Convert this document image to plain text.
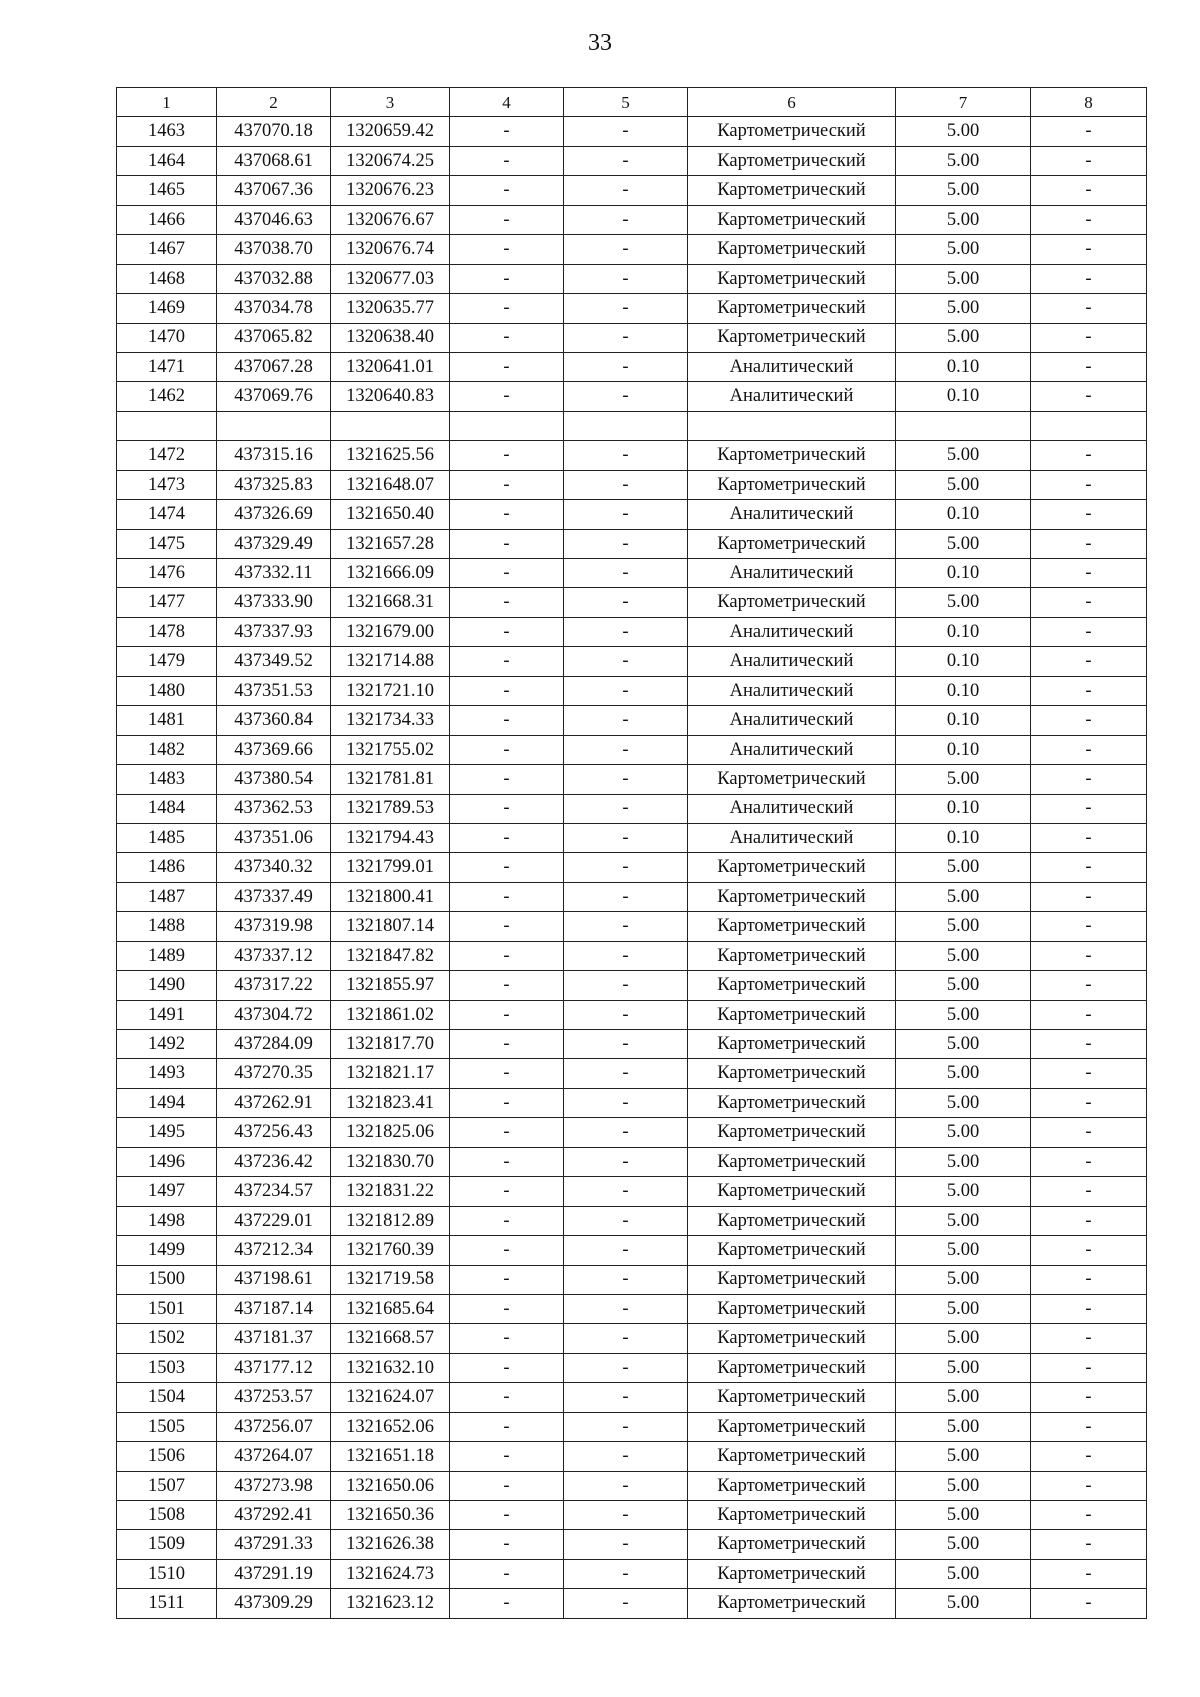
33
1	2	3	4	5	6	7	8
1463	437070.18	1320659.42	-	-	Картометрический	5.00	-
1464	437068.61	1320674.25	-	-	Картометрический	5.00	-
1465	437067.36	1320676.23	-	-	Картометрический	5.00	-
1466	437046.63	1320676.67	-	-	Картометрический	5.00	-
1467	437038.70	1320676.74	-	-	Картометрический	5.00	-
1468	437032.88	1320677.03	-	-	Картометрический	5.00	-
1469	437034.78	1320635.77	-	-	Картометрический	5.00	-
1470	437065.82	1320638.40	-	-	Картометрический	5.00	-
1471	437067.28	1320641.01	-	-	Аналитический	0.10	-
1462	437069.76	1320640.83	-	-	Аналитический	0.10	-

1472	437315.16	1321625.56	-	-	Картометрический	5.00	-
1473	437325.83	1321648.07	-	-	Картометрический	5.00	-
1474	437326.69	1321650.40	-	-	Аналитический	0.10	-
1475	437329.49	1321657.28	-	-	Картометрический	5.00	-
1476	437332.11	1321666.09	-	-	Аналитический	0.10	-
1477	437333.90	1321668.31	-	-	Картометрический	5.00	-
1478	437337.93	1321679.00	-	-	Аналитический	0.10	-
1479	437349.52	1321714.88	-	-	Аналитический	0.10	-
1480	437351.53	1321721.10	-	-	Аналитический	0.10	-
1481	437360.84	1321734.33	-	-	Аналитический	0.10	-
1482	437369.66	1321755.02	-	-	Аналитический	0.10	-
1483	437380.54	1321781.81	-	-	Картометрический	5.00	-
1484	437362.53	1321789.53	-	-	Аналитический	0.10	-
1485	437351.06	1321794.43	-	-	Аналитический	0.10	-
1486	437340.32	1321799.01	-	-	Картометрический	5.00	-
1487	437337.49	1321800.41	-	-	Картометрический	5.00	-
1488	437319.98	1321807.14	-	-	Картометрический	5.00	-
1489	437337.12	1321847.82	-	-	Картометрический	5.00	-
1490	437317.22	1321855.97	-	-	Картометрический	5.00	-
1491	437304.72	1321861.02	-	-	Картометрический	5.00	-
1492	437284.09	1321817.70	-	-	Картометрический	5.00	-
1493	437270.35	1321821.17	-	-	Картометрический	5.00	-
1494	437262.91	1321823.41	-	-	Картометрический	5.00	-
1495	437256.43	1321825.06	-	-	Картометрический	5.00	-
1496	437236.42	1321830.70	-	-	Картометрический	5.00	-
1497	437234.57	1321831.22	-	-	Картометрический	5.00	-
1498	437229.01	1321812.89	-	-	Картометрический	5.00	-
1499	437212.34	1321760.39	-	-	Картометрический	5.00	-
1500	437198.61	1321719.58	-	-	Картометрический	5.00	-
1501	437187.14	1321685.64	-	-	Картометрический	5.00	-
1502	437181.37	1321668.57	-	-	Картометрический	5.00	-
1503	437177.12	1321632.10	-	-	Картометрический	5.00	-
1504	437253.57	1321624.07	-	-	Картометрический	5.00	-
1505	437256.07	1321652.06	-	-	Картометрический	5.00	-
1506	437264.07	1321651.18	-	-	Картометрический	5.00	-
1507	437273.98	1321650.06	-	-	Картометрический	5.00	-
1508	437292.41	1321650.36	-	-	Картометрический	5.00	-
1509	437291.33	1321626.38	-	-	Картометрический	5.00	-
1510	437291.19	1321624.73	-	-	Картометрический	5.00	-
1511	437309.29	1321623.12	-	-	Картометрический	5.00	-
